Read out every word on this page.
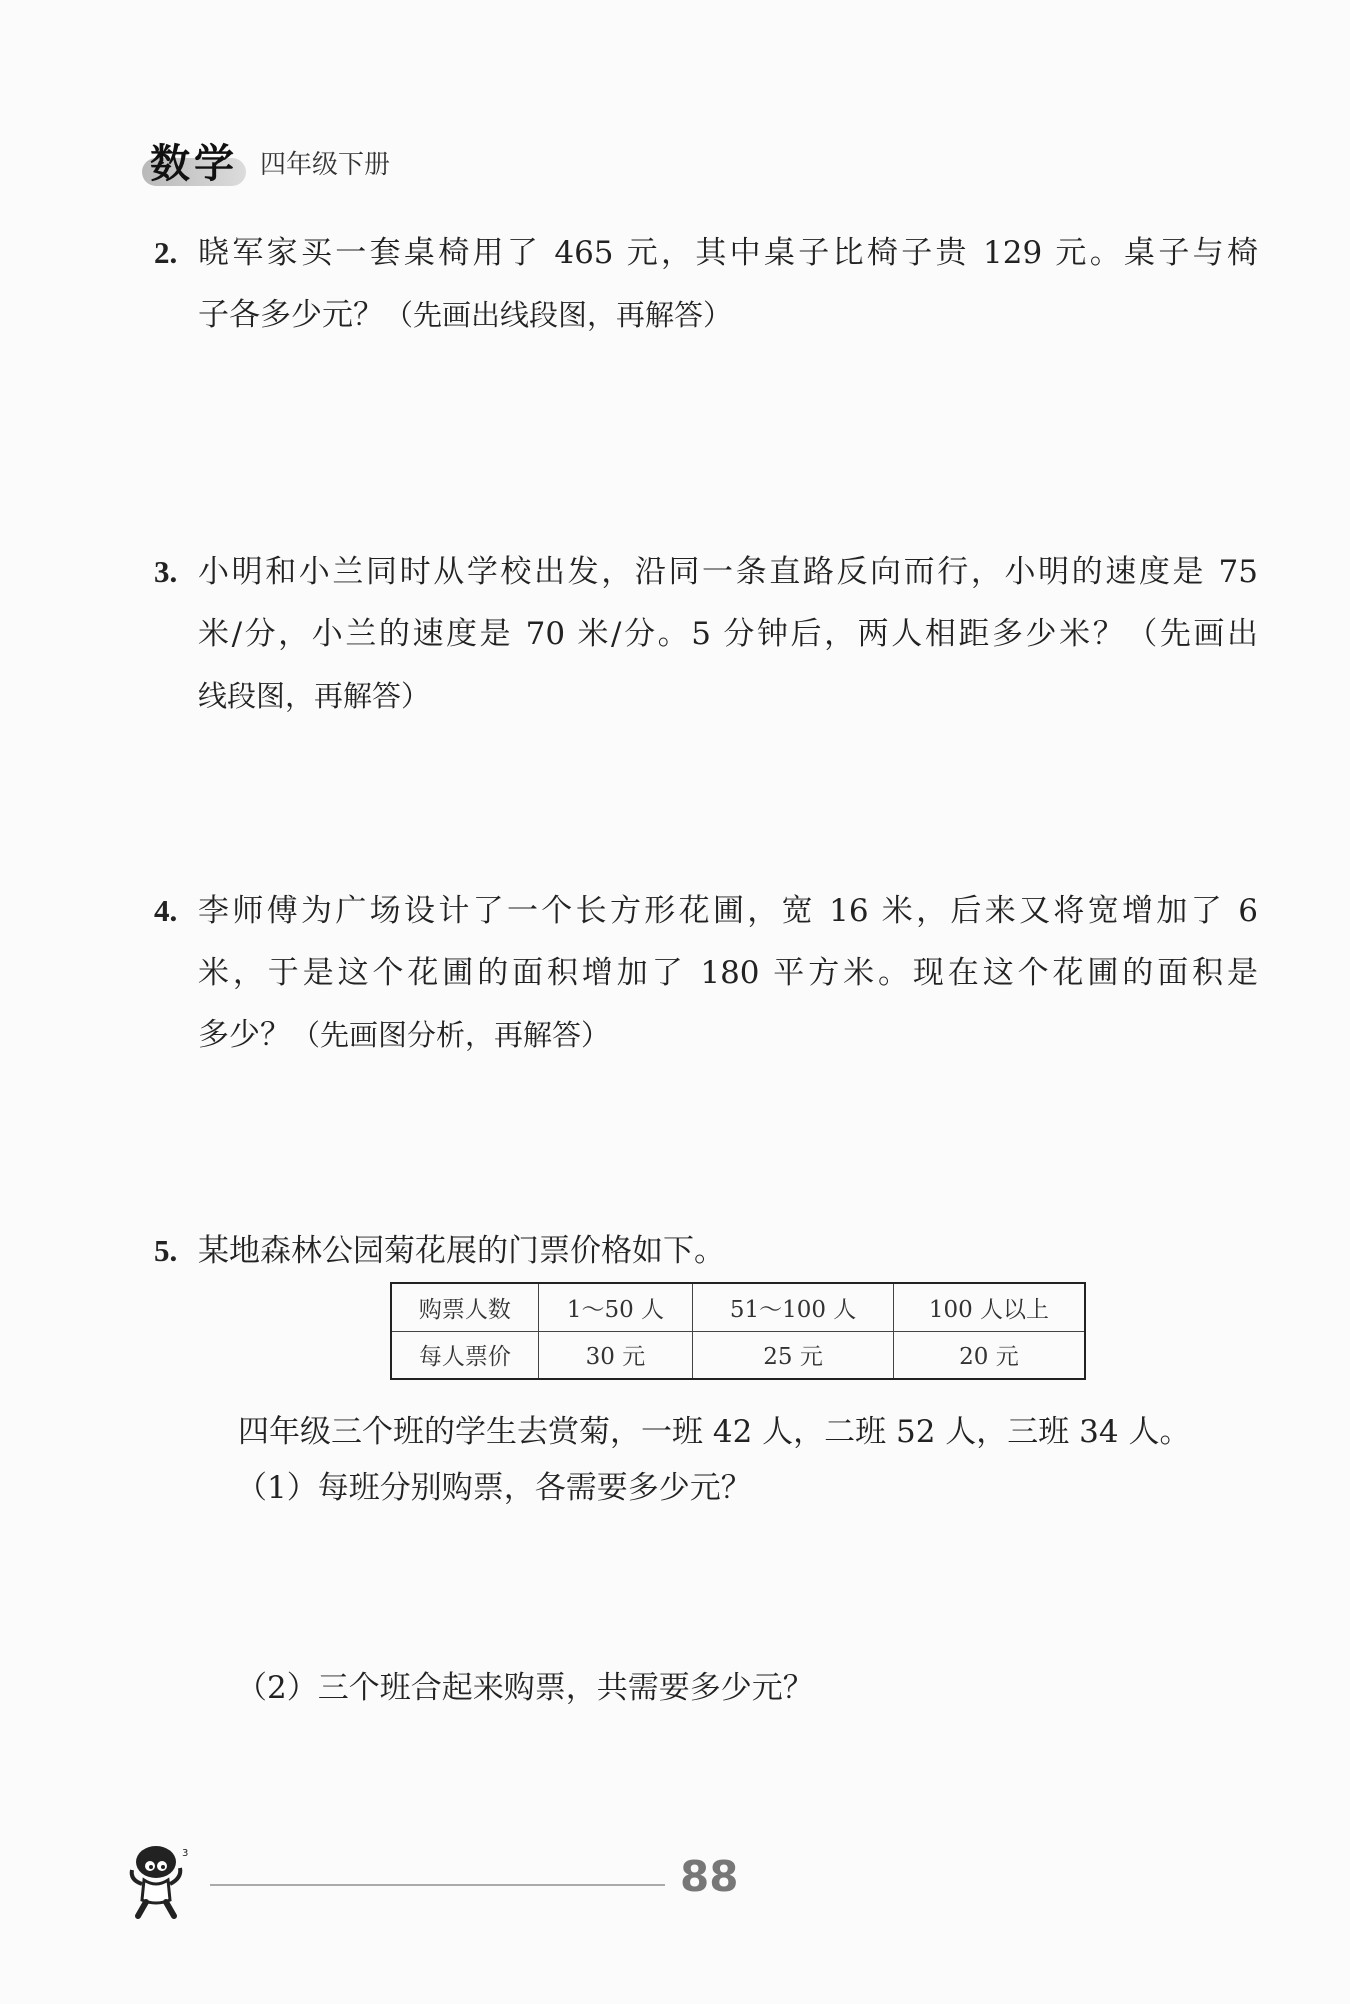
数学 四年级下册
2. 晓军家买一套桌椅用了 465 元，其中桌子比椅子贵 129 元。桌子与椅
子各多少元？（先画出线段图，再解答）
3. 小明和小兰同时从学校出发，沿同一条直路反向而行，小明的速度是 75
米/分，小兰的速度是 70 米/分。5 分钟后，两人相距多少米？（先画出
线段图，再解答）
4. 李师傅为广场设计了一个长方形花圃，宽 16 米，后来又将宽增加了 6
米，于是这个花圃的面积增加了 180 平方米。现在这个花圃的面积是
多少？（先画图分析，再解答）
5. 某地森林公园菊花展的门票价格如下。
购票人数	1～50 人	51～100 人	100 人以上
每人票价	30 元	25 元	20 元
四年级三个班的学生去赏菊，一班 42 人，二班 52 人，三班 34 人。
（1）每班分别购票，各需要多少元？
（2）三个班合起来购票，共需要多少元？
3	88
